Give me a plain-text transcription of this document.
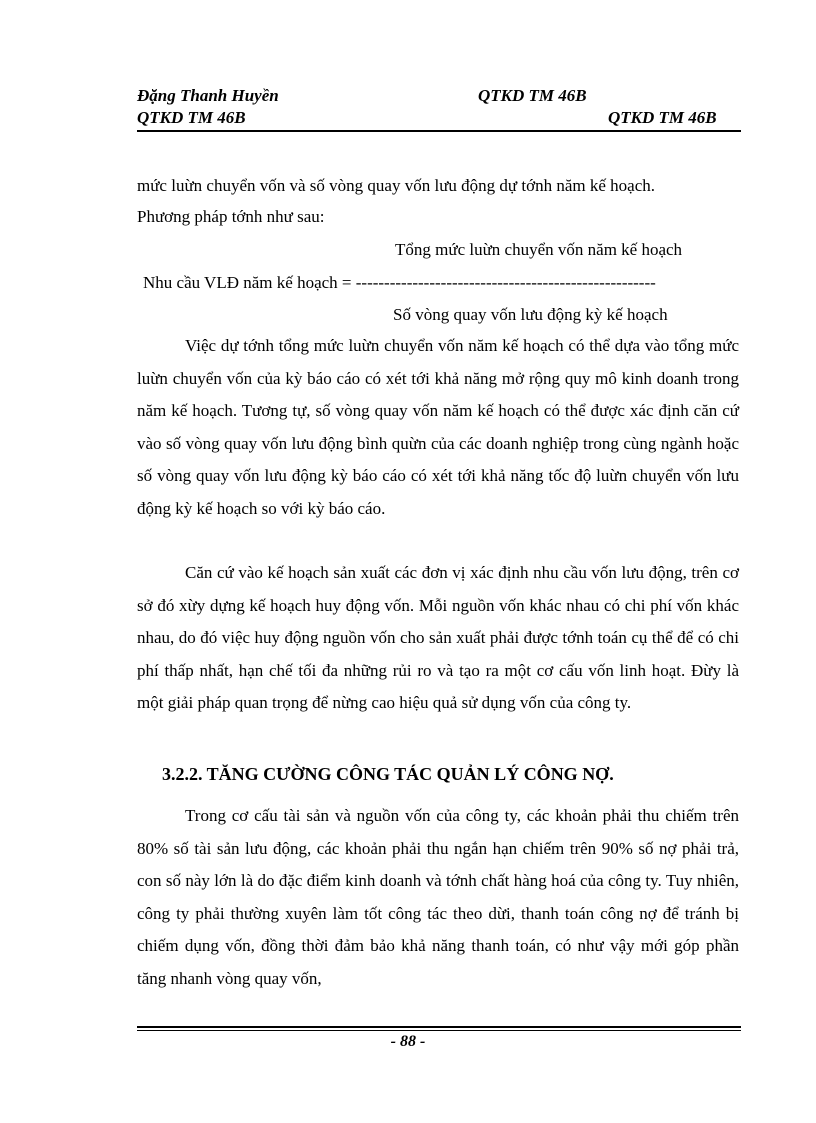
Đặng Thanh Huyền	QTKD TM 46B
QTKD TM 46B	QTKD TM 46B
mức luừn chuyển vốn và số vòng quay vốn lưu động dự tớnh năm kế hoạch.
Phương pháp tớnh như sau:
Tổng mức luừn chuyển vốn năm kế hoạch
Nhu cầu VLĐ năm kế hoạch = -----------------------------------------------------
Số vòng quay vốn lưu động kỳ kế hoạch

Việc dự tớnh tổng mức luừn chuyển vốn năm kế hoạch có thể dựa vào tổng mức luừn chuyển vốn của kỳ báo cáo có xét tới khả năng mở rộng quy mô kinh doanh trong năm kế hoạch. Tương tự, số vòng quay vốn năm kế hoạch có thể được xác định căn cứ vào số vòng quay vốn lưu động bình quừn của các doanh nghiệp trong cùng ngành hoặc số vòng quay vốn lưu động kỳ báo cáo có xét tới khả năng tốc độ luừn chuyển vốn lưu động kỳ kế hoạch so với kỳ báo cáo.

Căn cứ vào kế hoạch sản xuất các đơn vị xác định nhu cầu vốn lưu động, trên cơ sở đó xừy dựng kế hoạch huy động vốn. Mỗi nguồn vốn khác nhau có chi phí vốn khác nhau, do đó việc huy động nguồn vốn cho sản xuất phải được tớnh toán cụ thể để có chi phí thấp nhất, hạn chế tối đa những rủi ro và tạo ra một cơ cấu vốn linh hoạt. Đừy là một giải pháp quan trọng để nừng cao hiệu quả sử dụng vốn của công ty.

3.2.2. TĂNG CƯỜNG CÔNG TÁC QUẢN LÝ CÔNG NỢ.

Trong cơ cấu tài sản và nguồn vốn của công ty, các khoản phải thu chiếm trên 80% số tài sản lưu động, các khoản phải thu ngắn hạn chiếm trên 90% số nợ phải trả, con số này lớn là do đặc điểm kinh doanh và tớnh chất hàng hoá của công ty. Tuy nhiên, công ty phải thường xuyên làm tốt công tác theo dừi, thanh toán công nợ để tránh bị chiếm dụng vốn, đồng thời đảm bảo khả năng thanh toán, có như vậy mới góp phần tăng nhanh vòng quay vốn,

- 88 -
